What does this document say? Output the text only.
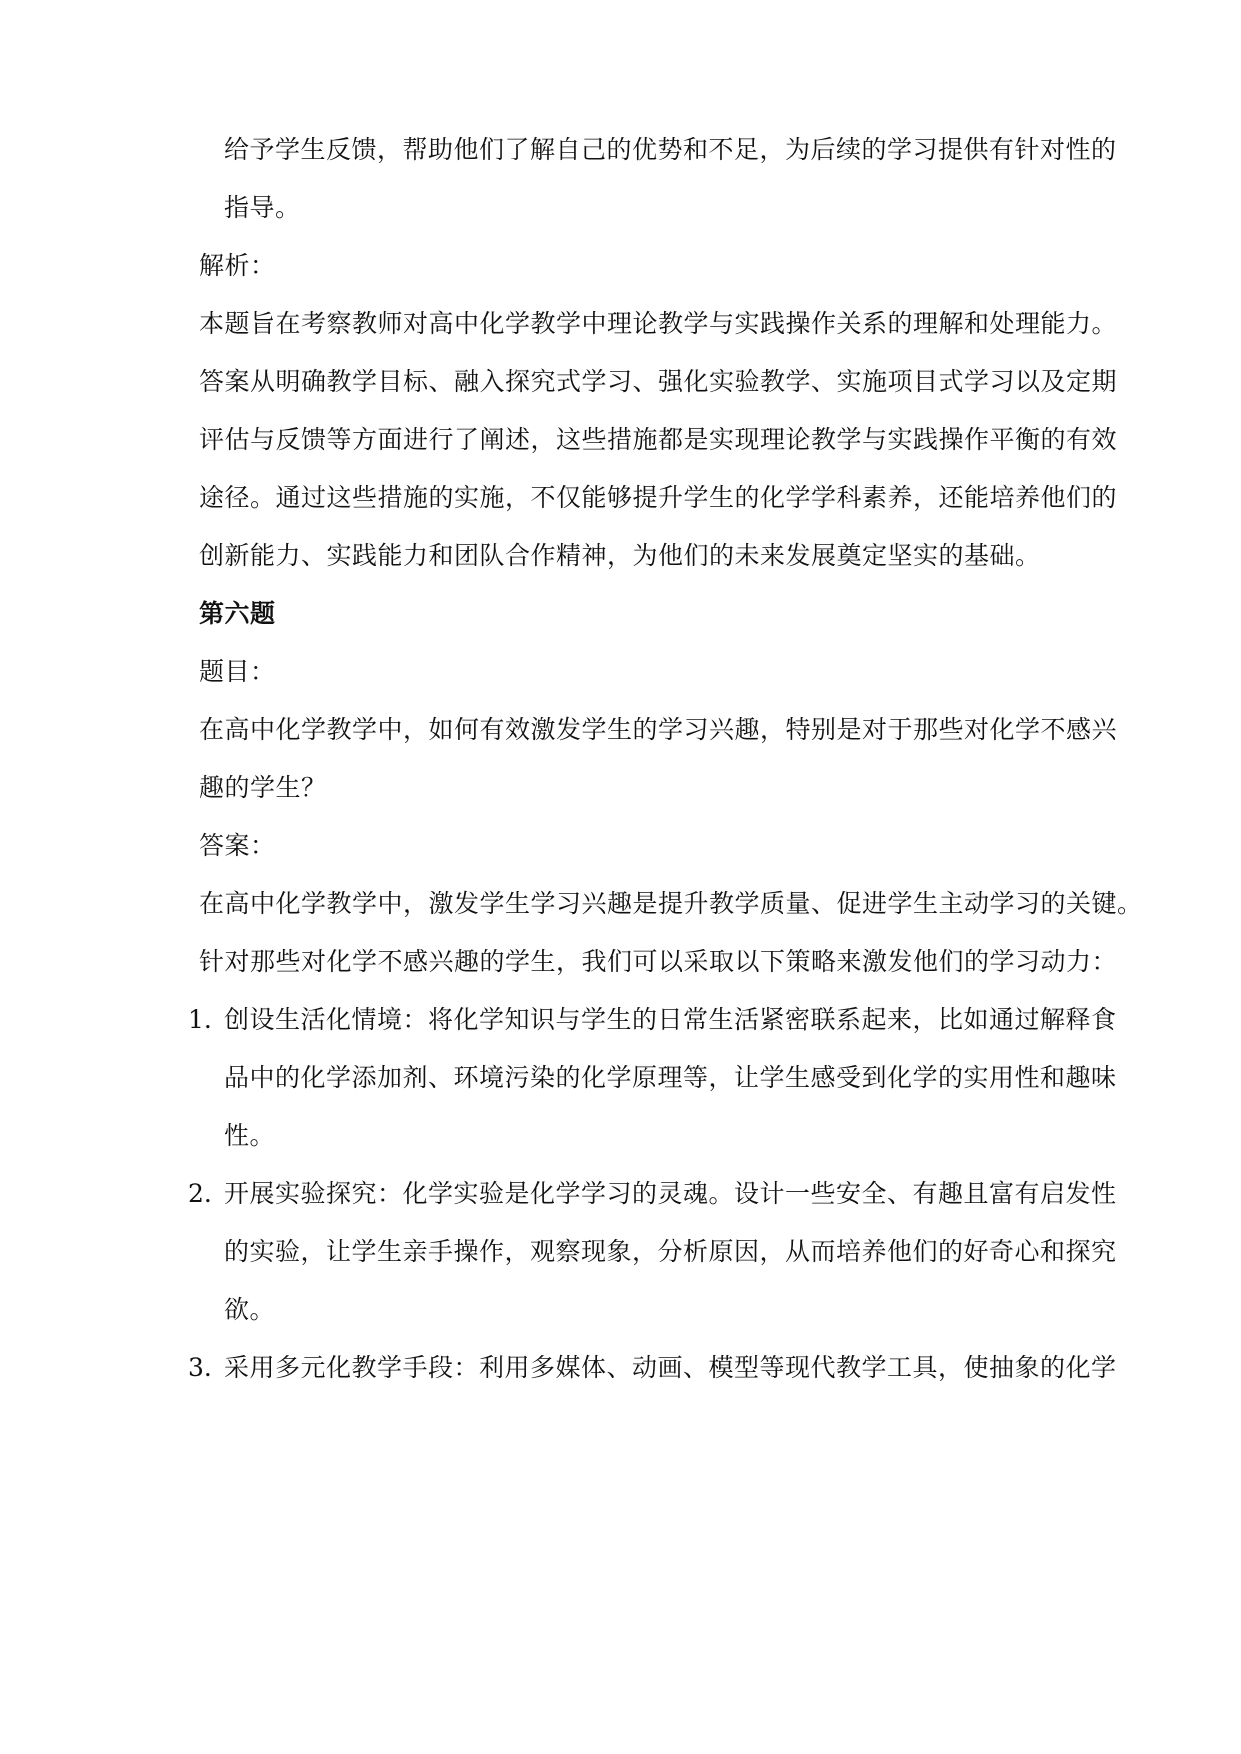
给予学生反馈，帮助他们了解自己的优势和不足，为后续的学习提供有针对性的
指导。
解析：
本题旨在考察教师对高中化学教学中理论教学与实践操作关系的理解和处理能力。
答案从明确教学目标、融入探究式学习、强化实验教学、实施项目式学习以及定期
评估与反馈等方面进行了阐述，这些措施都是实现理论教学与实践操作平衡的有效
途径。通过这些措施的实施，不仅能够提升学生的化学学科素养，还能培养他们的
创新能力、实践能力和团队合作精神，为他们的未来发展奠定坚实的基础。
第六题
题目：
在高中化学教学中，如何有效激发学生的学习兴趣，特别是对于那些对化学不感兴
趣的学生？
答案：
在高中化学教学中，激发学生学习兴趣是提升教学质量、促进学生主动学习的关键。
针对那些对化学不感兴趣的学生，我们可以采取以下策略来激发他们的学习动力：
1. 创设生活化情境：将化学知识与学生的日常生活紧密联系起来，比如通过解释食
品中的化学添加剂、环境污染的化学原理等，让学生感受到化学的实用性和趣味
性。
2. 开展实验探究：化学实验是化学学习的灵魂。设计一些安全、有趣且富有启发性
的实验，让学生亲手操作，观察现象，分析原因，从而培养他们的好奇心和探究
欲。
3. 采用多元化教学手段：利用多媒体、动画、模型等现代教学工具，使抽象的化学
